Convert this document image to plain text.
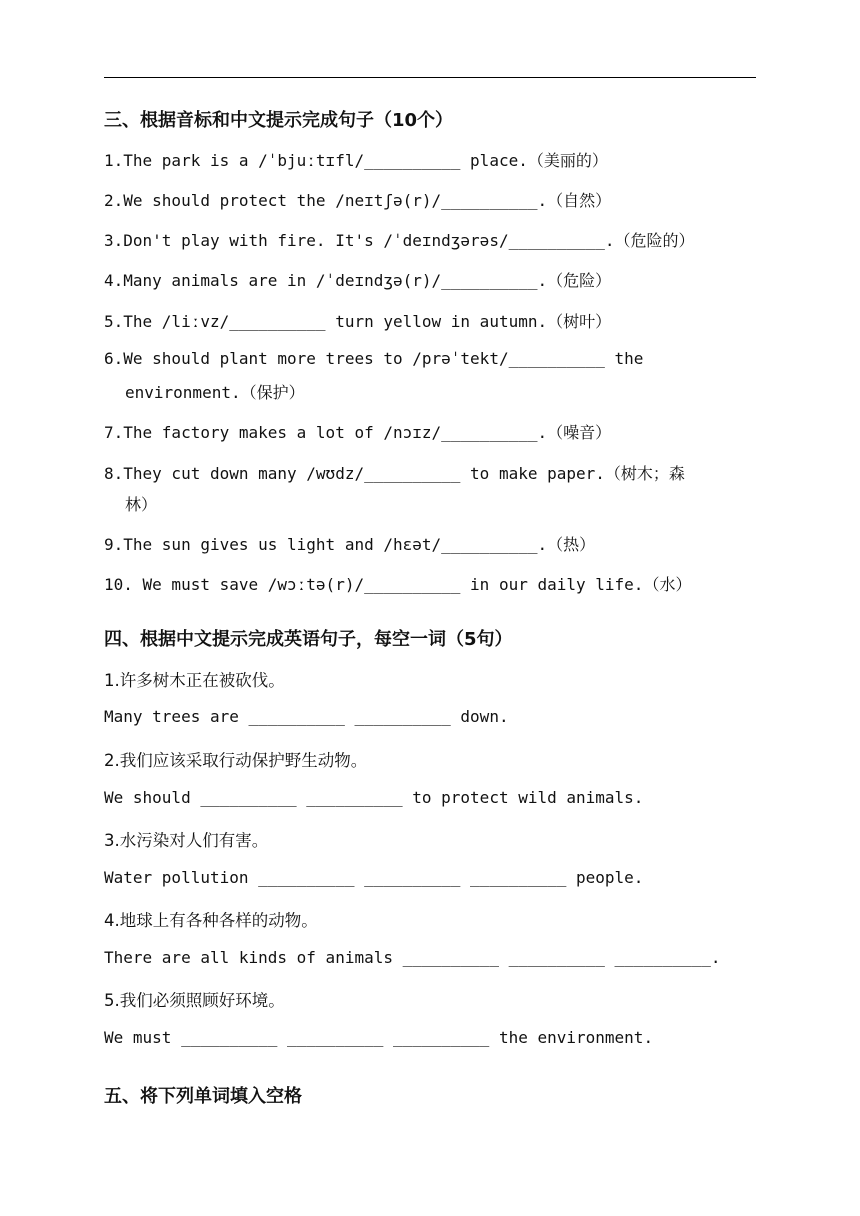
三、根据音标和中文提示完成句子（10个）
1.The park is a /ˈbjuːtɪfl/__________ place.（美丽的）
2.We should protect the /neɪtʃə(r)/__________.（自然）
3.Don't play with fire. It's /ˈdeɪndʒərəs/__________.（危险的）
4.Many animals are in /ˈdeɪndʒə(r)/__________.（危险）
5.The /liːvz/__________ turn yellow in autumn.（树叶）
6.We should plant more trees to /prəˈtekt/__________ the
environment.（保护）
7.The factory makes a lot of /nɔɪz/__________.（噪音）
8.They cut down many /wʊdz/__________ to make paper.（树木；森
林）
9.The sun gives us light and /hɛət/__________.（热）
10. We must save /wɔːtə(r)/__________ in our daily life.（水）
四、根据中文提示完成英语句子，每空一词（5句）
1.许多树木正在被砍伐。
Many trees are __________ __________ down.
2.我们应该采取行动保护野生动物。
We should __________ __________ to protect wild animals.
3.水污染对人们有害。
Water pollution __________ __________ __________ people.
4.地球上有各种各样的动物。
There are all kinds of animals __________ __________ __________.
5.我们必须照顾好环境。
We must __________ __________ __________ the environment.
五、将下列单词填入空格
